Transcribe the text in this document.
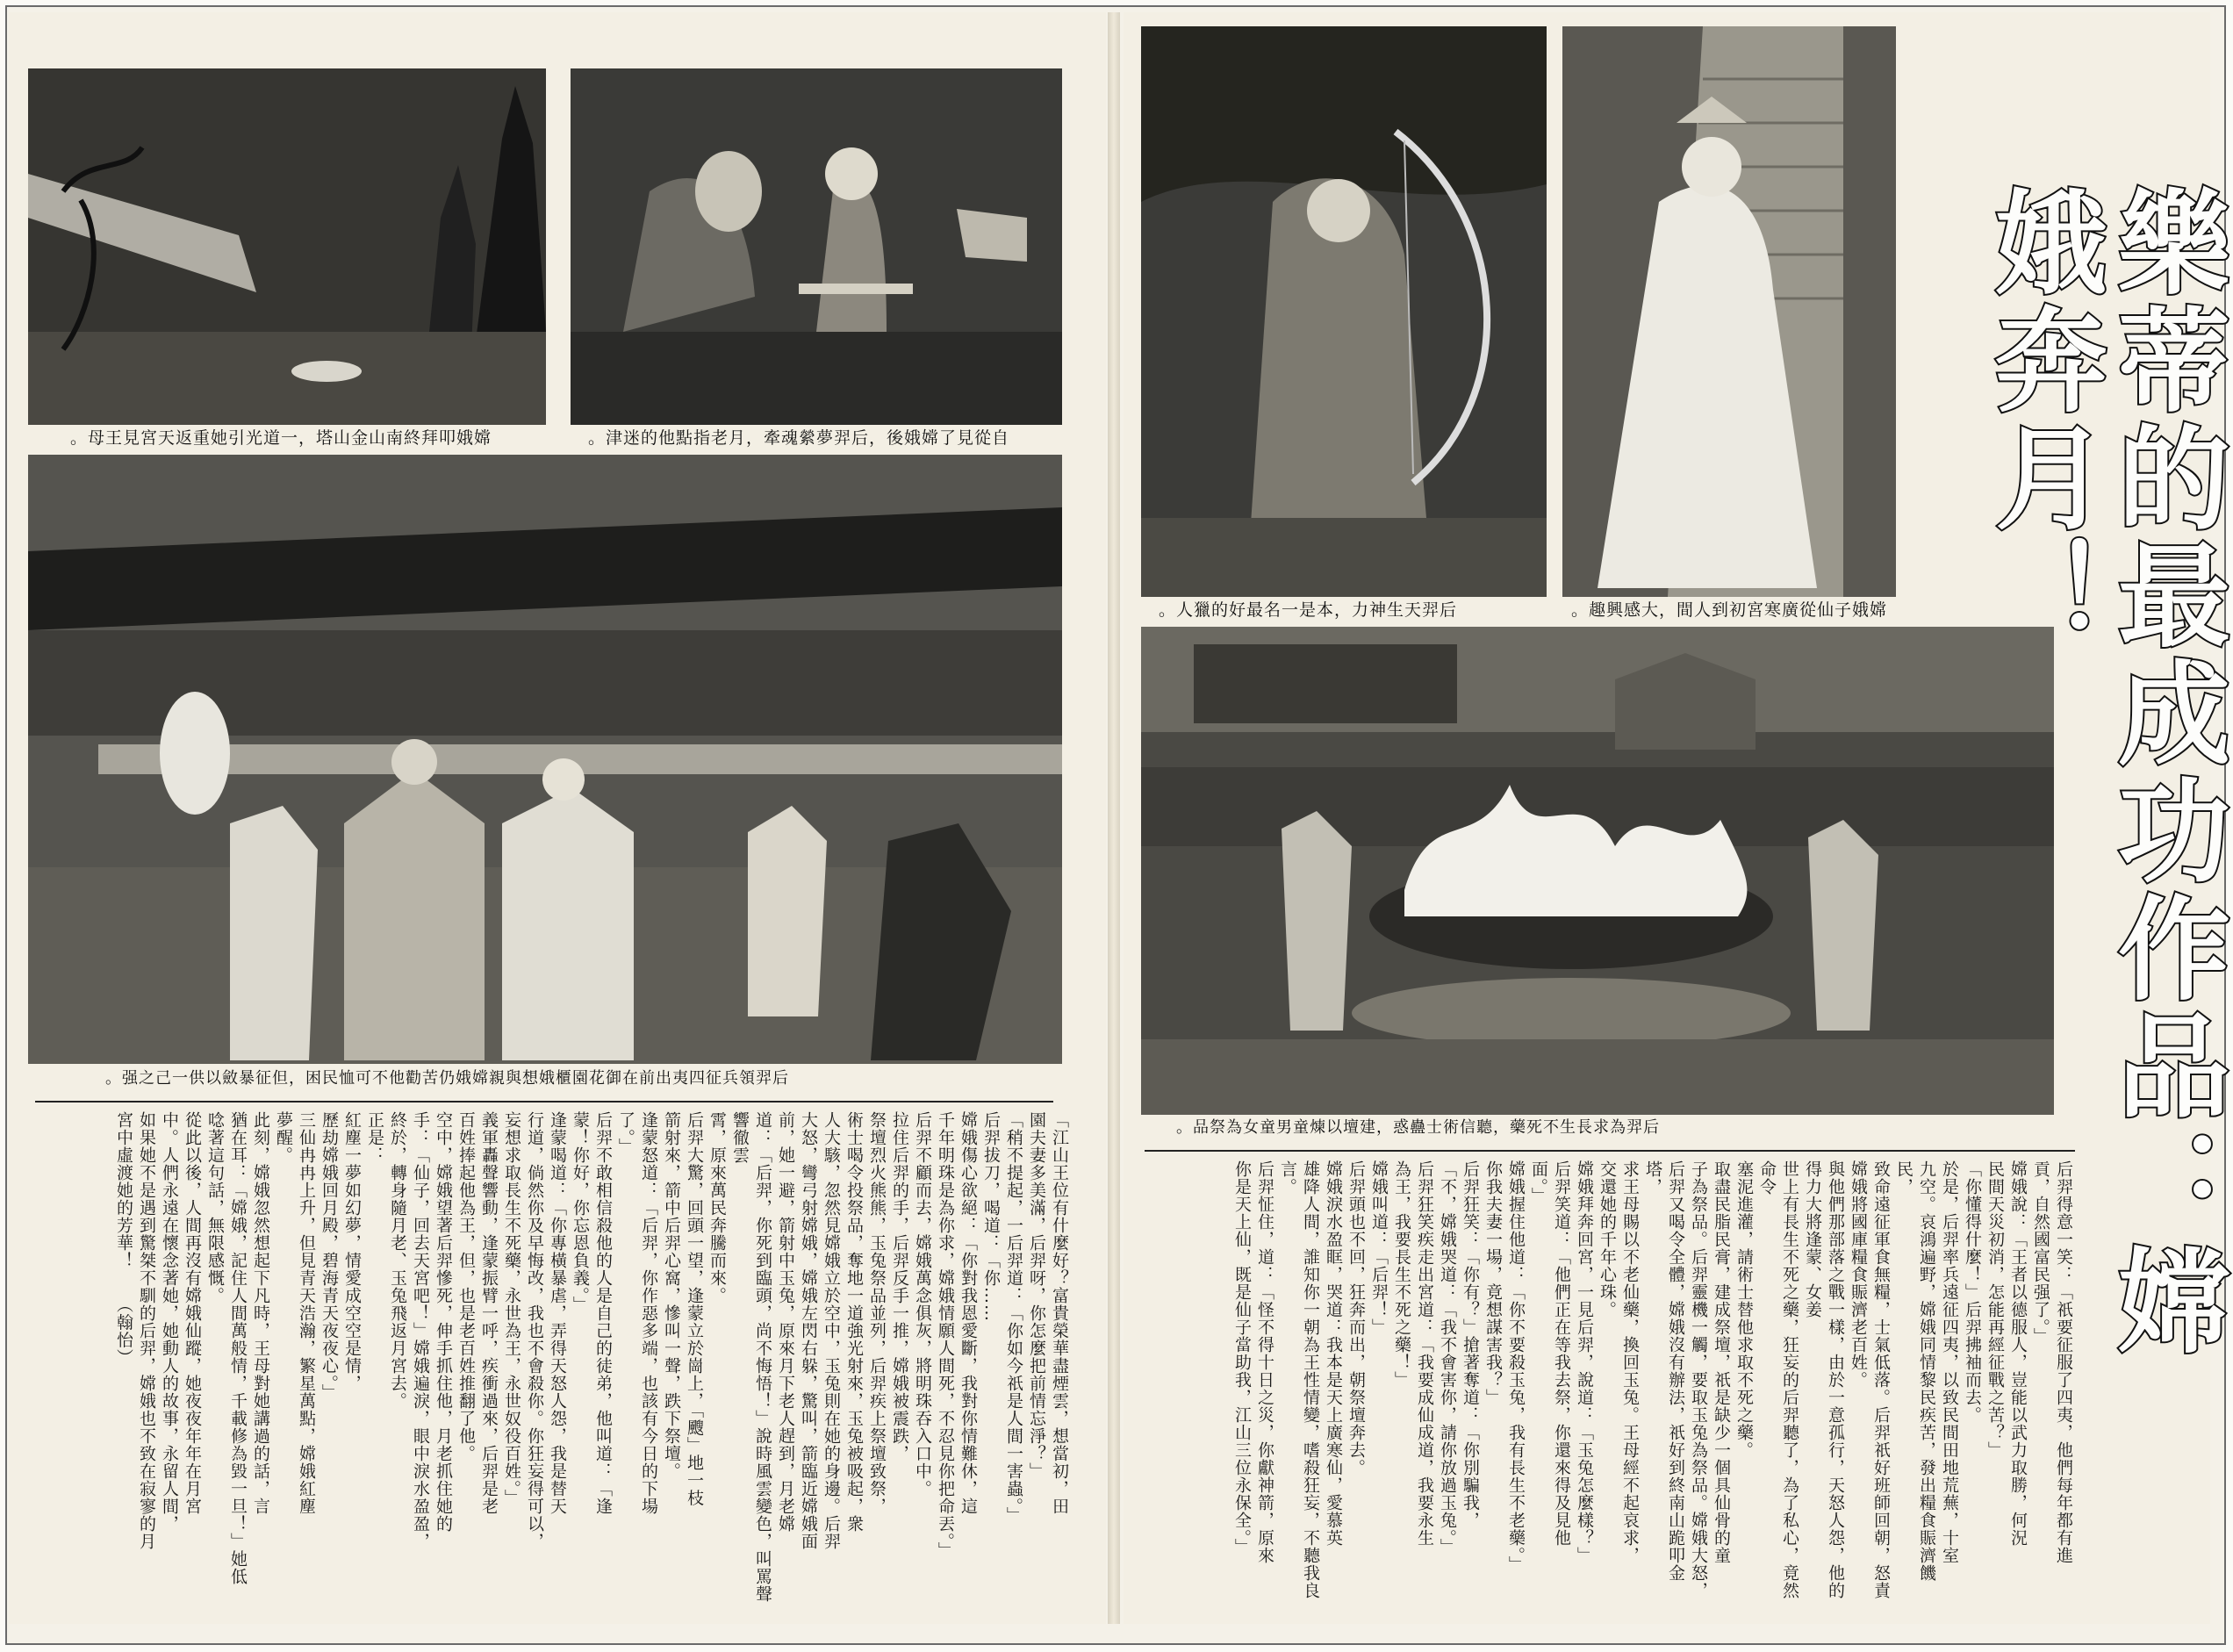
嫦娥叩拜終南山金山塔，一道光引她重返天宮見王母。	自從見了嫦娥後，后羿夢縈魂牽，月老指點他的迷津。
后羿領兵征四夷出前在御花園櫃娥想與親嫦娥仍苦勸他不可恤民困，但征暴斂以供一己之强。
「江山王位有什麼好？富貴榮華盡煙雲，想當初，田
園夫妻多美滿，后羿呀，你怎麼把前情忘淨？」
「稍不提起，一后羿道：「你如今祇是人間一害蟲。」
后羿拔刀，喝道：「你……
嫦娥傷心欲絕：「你對我恩愛斷，我對你情難休，這
千年明珠是為你求，嫦娥情願人間死，不忍見你把命丟。」
后羿不顧而去，嫦娥萬念俱灰，將明珠吞入口中。
拉住后羿的手，后羿反手一推，嫦娥被震跌，
祭壇烈火熊熊，玉兔祭品並列，后羿疾上祭壇致祭，
術士喝令投祭品，奪地一道強光射來，玉兔被吸起，衆
人大駭，忽然見嫦娥立於空中，玉兔則在她的身邊。后羿
大怒，彎弓射嫦娥，嫦娥左閃右躲，驚叫，箭臨近嫦娥面
前，她一避，箭射中玉兔，原來月下老人趕到，月老嫦
道：「后羿，你死到臨頭，尚不悔悟！」說時風雲變色，叫罵聲響徹雲
霄，原來萬民奔騰而來。
后羿大驚，回頭一望，逢蒙立於崗上，「颼」地一枝
箭射來，箭中后羿心窩，慘叫一聲，跌下祭壇。
逢蒙怒道：「后羿，你作惡多端，也該有今日的下場
了。」
后羿不敢相信殺他的人是自己的徒弟，他叫道：「逢
蒙！你好，你忘恩負義。」
逢蒙喝道：「你專橫暴虐，弄得天怒人怨，我是替天
行道，倘然你及早悔改，我也不會殺你。你狂妄得可以，
妄想求取長生不死藥，永世為王，永世奴役百姓。」
義軍轟聲響動，逢蒙振臂一呼，疾衝過來，后羿是老
百姓捧起他為王，但，也是老百姓推翻了他。
空中，嫦娥望著后羿慘死，伸手抓住他，月老抓住她的
手：「仙子，回去天宮吧！」嫦娥遍淚，眼中淚水盈盈，
終於，轉身隨月老、玉兔飛返月宮去。
正是：
紅塵一夢如幻夢，情愛成空空是情，
歷劫嫦娥回月殿，碧海青天夜夜心。」
三仙冉冉上升，但見青天浩瀚，繁星萬點，嫦娥紅塵
夢醒。
此刻，嫦娥忽然想起下凡時，王母對她講過的話，言
猶在耳：「嫦娥，記住人間萬般情，千載修為毀一旦！」她低
唸著這句話，無限感慨。
從此以後，人間再沒有嫦娥仙蹤，她夜夜年年在月宮
中。人們永遠在懷念著她，她動人的故事，永留人間，
如果她不是遇到驚桀不馴的后羿，嫦娥也不致在寂寥的月
宮中虛渡她的芳華！　　（翰怡）
后羿天生神力，本是一名最好的獵人。	嫦娥子仙從廣寒宮初到人間，大感興趣。
后羿為求長生不死藥，聽信術士蠱惑，建壇以煉童男童女為祭品。
后羿得意一笑：「祇要征服了四夷，他們每年都有進
貢，自然國富民强了。」
嫦娥說：「王者以德服人，豈能以武力取勝，何況
民間天災初消，怎能再經征戰之苦？」
「你懂得什麼！」后羿拂袖而去。
於是，后羿率兵遠征四夷，以致民間田地荒蕪，十室
九空。哀鴻遍野，嫦娥同情黎民疾苦，發出糧食賑濟饑民，
致命遠征軍食無糧，士氣低落。后羿祇好班師回朝，怒責
嫦娥將國庫糧食賑濟老百姓。
與他們那部落之戰一樣，由於一意孤行，天怒人怨，他的得力大將逢蒙、女姜
世上有長生不死之藥，狂妄的后羿聽了，為了私心，竟然命令
塞泥進灌，請術士替他求取不死之藥。
取盡民脂民膏，建成祭壇，祇是缺少一個具仙骨的童
子為祭品。后羿靈機一觸，要取玉兔為祭品。嫦娥大怒，
后羿又喝令全體，嫦娥沒有辦法，祇好到終南山跪叩金塔，
求王母賜以不老仙藥，換回玉兔。王母經不起哀求，
交還她的千年心珠。
嫦娥拜奔回宮，一見后羿，說道：「玉兔怎麼樣？」
后羿笑道：「他們正在等我去祭，你還來得及見他
面。」
嫦娥握住他道：「你不要殺玉兔，我有長生不老藥。」
你我夫妻一場，竟想謀害我？」
后羿狂笑：「你有？」搶著奪道：「你別騙我，
「不，嫦娥哭道：「我不會害你，請你放過玉兔。」
后羿狂笑疾走出宮道：「我要成仙成道，我要永生
為王，我要長生不死之藥！」
嫦娥叫道：「后羿！」
后羿頭也不回，狂奔而出，朝祭壇奔去。
嫦娥淚水盈眶，哭道：我本是天上廣寒仙，愛慕英
雄降人間，誰知你一朝為王性情變，嗜殺狂妄，不聽我良
言。
后羿怔住，道：「怪不得十日之災，你獻神箭，原來
你是天上仙，既是仙子當助我，江山三位永保全。」	樂蒂的最成功作品：嫦娥奔月！
